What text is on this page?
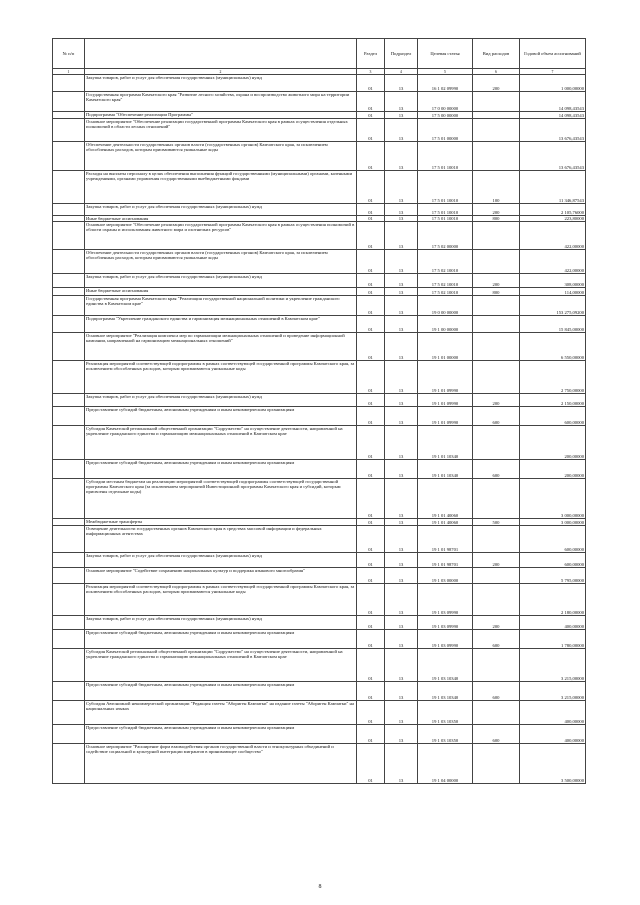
№ п/п		Раздел	Подраздел	Целевая статья	Вид расходов	Годовой объем ассигнований
1	2	3	4	5	6	7
	Закупка товаров, работ и услуг для обеспечения государственных (муниципальных) нужд	01	13	16 1 02 09990	200	1 000,00000
	Государственная программа Камчатского края "Развитие лесного хозяйства, охрана и воспроизводство животного мира на территории Камчатского края"	01	13	17 0 00 00000		14 098,43543
	Подпрограмма "Обеспечение реализации Программы"	01	13	17 5 00 00000		14 098,43543
	Основное мероприятие "Обеспечение реализации государственной программы Камчатского края в рамках осуществления отдельных полномочий в области лесных отношений"	01	13	17 5 01 00000		13 676,43543
	Обеспечение деятельности государственных органов власти (государственных органов) Камчатского края, за исключением обособленных расходов, которым присваиваются уникальные коды	01	13	17 5 01 10010		13 676,43543
	Расходы на выплаты персоналу в целях обеспечения выполнения функций государственными (муниципальными) органами, казенными учреждениями, органами управления государственными внебюджетными фондами	01	13	17 5 01 10010	100	11 346,87543
	Закупка товаров, работ и услуг для обеспечения государственных (муниципальных) нужд	01	13	17 5 01 10010	200	2 105,76000
	Иные бюджетные ассигнования	01	13	17 5 01 10010	800	223,80000
	Основное мероприятие "Обеспечение реализации государственной программы Камчатского края в рамках осуществления полномочий в области охраны и использования животного мира и охотничьих ресурсов"	01	13	17 5 02 00000		422,00000
	Обеспечение деятельности государственных органов власти (государственных органов) Камчатского края, за исключением обособленных расходов, которым присваиваются уникальные коды	01	13	17 5 02 10010		422,00000
	Закупка товаров, работ и услуг для обеспечения государственных (муниципальных) нужд	01	13	17 5 02 10010	200	308,00000
	Иные бюджетные ассигнования	01	13	17 5 02 10010	800	114,00000
	Государственная программа Камчатского края "Реализация государственной национальной политики и укрепление гражданского единства в Камчатском крае"	01	13	19 0 00 00000		153 275,09200
	Подпрограмма "Укрепление гражданского единства и гармонизация межнациональных отношений в Камчатском крае"	01	13	19 1 00 00000		15 845,00000
	Основное мероприятие "Реализация комплекса мер по гармонизации межнациональных отношений и проведение информационной кампании, направленной на гармонизацию межнациональных отношений"	01	13	19 1 01 00000		6 550,00000
	Реализация мероприятий соответствующей подпрограммы в рамках соответствующей государственной программы Камчатского края, за исключением обособленных расходов, которым присваиваются уникальные коды	01	13	19 1 01 09990		2 750,00000
	Закупка товаров, работ и услуг для обеспечения государственных (муниципальных) нужд	01	13	19 1 01 09990	200	2 150,00000
	Предоставление субсидий бюджетным, автономным учреждениям и иным некоммерческим организациям	01	13	19 1 01 09990	600	600,00000
	Субсидия Камчатской региональной общественной организации "Содружество" на осуществление деятельности, направленной на укрепление гражданского единства и гармонизацию межнациональных отношений в Камчатском крае	01	13	19 1 01 10340		200,00000
	Предоставление субсидий бюджетным, автономным учреждениям и иным некоммерческим организациям	01	13	19 1 01 10340	600	200,00000
	Субсидии местным бюджетам на реализацию мероприятий соответствующей подпрограммы соответствующей государственной программы Камчатского края (за исключением мероприятий Инвестиционной программы Камчатского края и субсидий, которым присвоены отдельные коды)	01	13	19 1 01 40060		3 000,00000
	Межбюджетные трансферты	01	13	19 1 01 40060	500	3 000,00000
	Освещение деятельности государственных органов Камчатского края в средствах массовой информации и федеральных информационных агентствах	01	13	19 1 01 98701		600,00000
	Закупка товаров, работ и услуг для обеспечения государственных (муниципальных) нужд	01	13	19 1 01 98701	200	600,00000
	Основное мероприятие "Содействие сохранению национальных культур и поддержка языкового многообразия"	01	13	19 1 03 00000		5 795,00000
	Реализация мероприятий соответствующей подпрограммы в рамках соответствующей государственной программы Камчатского края, за исключением обособленных расходов, которым присваиваются уникальные коды	01	13	19 1 03 09990		2 180,00000
	Закупка товаров, работ и услуг для обеспечения государственных (муниципальных) нужд	01	13	19 1 03 09990	200	400,00000
	Предоставление субсидий бюджетным, автономным учреждениям и иным некоммерческим организациям	01	13	19 1 03 09990	600	1 780,00000
	Субсидия Камчатской региональной общественной организации "Содружество" на осуществление деятельности, направленной на укрепление гражданского единства и гармонизацию межнациональных отношений в Камчатском крае	01	13	19 1 03 10340		3 215,00000
	Предоставление субсидий бюджетным, автономным учреждениям и иным некоммерческим организациям	01	13	19 1 03 10340	600	3 215,00000
	Субсидия Автономной некоммерческой организации "Редакция газеты "Абориген Камчатки" на издание газеты "Абориген Камчатки" на национальных языках	01	13	19 1 03 10350		400,00000
	Предоставление субсидий бюджетным, автономным учреждениям и иным некоммерческим организациям	01	13	19 1 03 10350	600	400,00000
	Основное мероприятие "Расширение форм взаимодействия органов государственной власти и этнокультурных объединений и содействие социальной и культурной интеграции мигрантов в принимающее сообщество"	01	13	19 1 04 00000		3 500,00000
8
